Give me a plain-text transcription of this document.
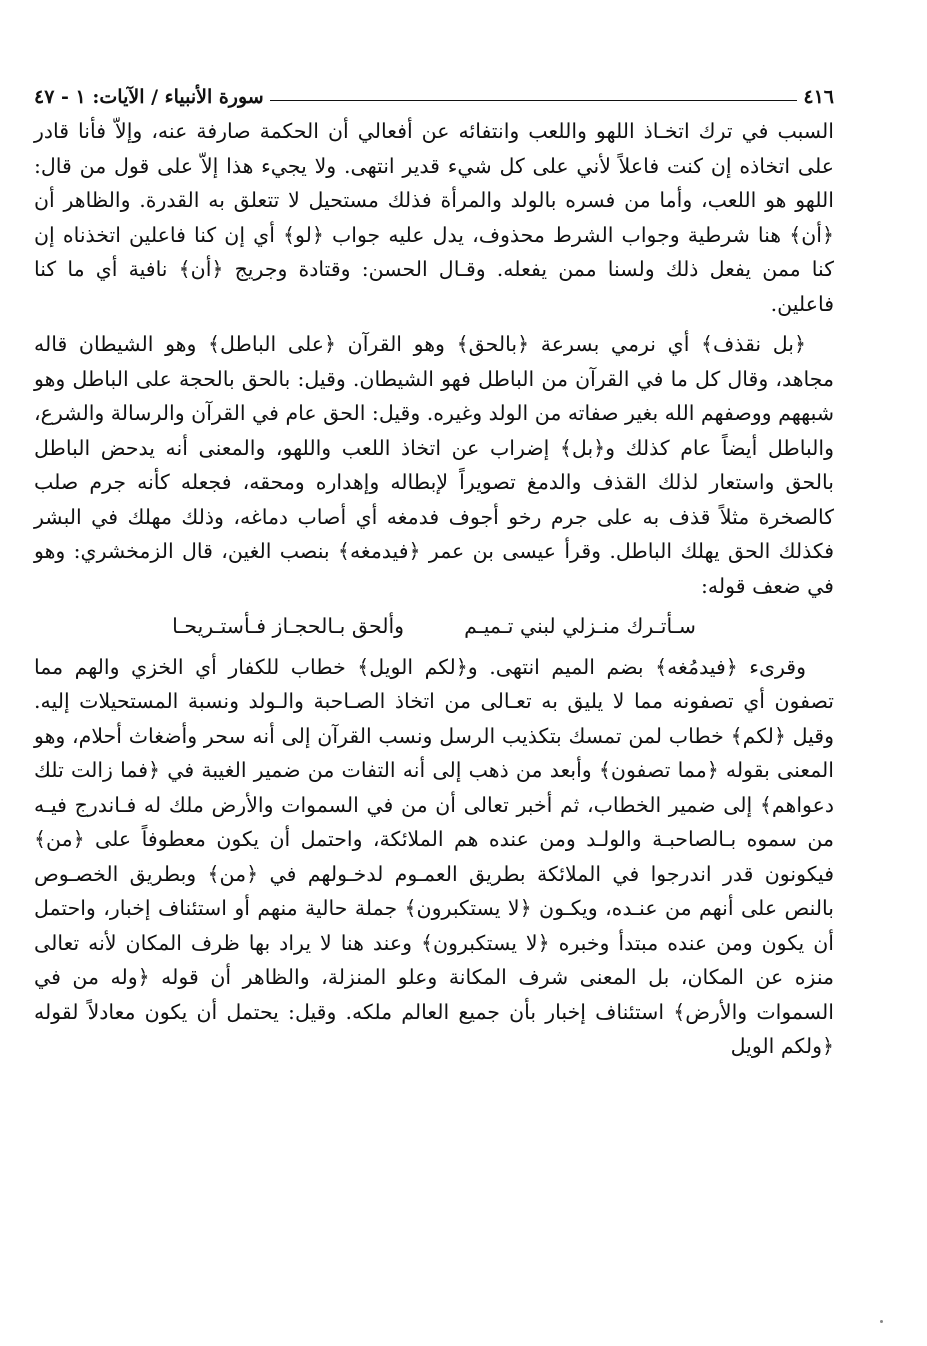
٤١٦
سورة الأنبياء / الآيات: ١ - ٤٧

السبب في ترك اتخـاذ اللهو واللعب وانتفائه عن أفعالي أن الحكمة صارفة عنه، وإلاّ فأنا قادر على اتخاذه إن كنت فاعلاً لأني على كل شيء قدير انتهى. ولا يجيء هذا إلاّ على قول من قال: اللهو هو اللعب، وأما من فسره بالولد والمرأة فذلك مستحيل لا تتعلق به القدرة. والظاهر أن ﴿أن﴾ هنا شرطية وجواب الشرط محذوف، يدل عليه جواب ﴿لو﴾ أي إن كنا فاعلين اتخذناه إن كنا ممن يفعل ذلك ولسنا ممن يفعله. وقـال الحسن: وقتادة وجريج ﴿أن﴾ نافية أي ما كنا فاعلين.

﴿بل نقذف﴾ أي نرمي بسرعة ﴿بالحق﴾ وهو القرآن ﴿على الباطل﴾ وهو الشيطان قاله مجاهد، وقال كل ما في القرآن من الباطل فهو الشيطان. وقيل: بالحق بالحجة على الباطل وهو شبههم ووصفهم الله بغير صفاته من الولد وغيره. وقيل: الحق عام في القرآن والرسالة والشرع، والباطل أيضاً عام كذلك و﴿بل﴾ إضراب عن اتخاذ اللعب واللهو، والمعنى أنه يدحض الباطل بالحق واستعار لذلك القذف والدمغ تصويراً لإبطاله وإهداره ومحقه، فجعله كأنه جرم صلب كالصخرة مثلاً قذف به على جرم رخو أجوف فدمغه أي أصاب دماغه، وذلك مهلك في البشر فكذلك الحق يهلك الباطل. وقرأ عيسى بن عمر ﴿فيدمغه﴾ بنصب الغين، قال الزمخشري: وهو في ضعف قوله:

سـأتـرك منـزلي لبني تـميـم
وألحق بـالحجـاز فـأستـريحـا

وقرىء ﴿فيدمُغه﴾ بضم الميم انتهى. و﴿لكم الويل﴾ خطاب للكفار أي الخزي والهم مما تصفون أي تصفونه مما لا يليق به تعـالى من اتخاذ الصـاحبة والـولد ونسبة المستحيلات إليه. وقيل ﴿لكم﴾ خطاب لمن تمسك بتكذيب الرسل ونسب القرآن إلى أنه سحر وأضغاث أحلام، وهو المعنى بقوله ﴿مما تصفون﴾ وأبعد من ذهب إلى أنه التفات من ضمير الغيبة في ﴿فما زالت تلك دعواهم﴾ إلى ضمير الخطاب، ثم أخبر تعالى أن من في السموات والأرض ملك له فـاندرج فيـه من سموه بـالصاحبـة والولـد ومن عنده هم الملائكة، واحتمل أن يكون معطوفاً على ﴿من﴾ فيكونون قدر اندرجوا في الملائكة بطريق العمـوم لدخـولهم في ﴿من﴾ وبطريق الخصـوص بالنص على أنهم من عنـده، ويكـون ﴿لا يستكبرون﴾ جملة حالية منهم أو استئناف إخبار، واحتمل أن يكون ومن عنده مبتدأ وخبره ﴿لا يستكبرون﴾ وعند هنا لا يراد بها ظرف المكان لأنه تعالى منزه عن المكان، بل المعنى شرف المكانة وعلو المنزلة، والظاهر أن قوله ﴿وله من في السموات والأرض﴾ استئناف إخبار بأن جميع العالم ملكه. وقيل: يحتمل أن يكون معادلاً لقوله ﴿ولكم الويل
